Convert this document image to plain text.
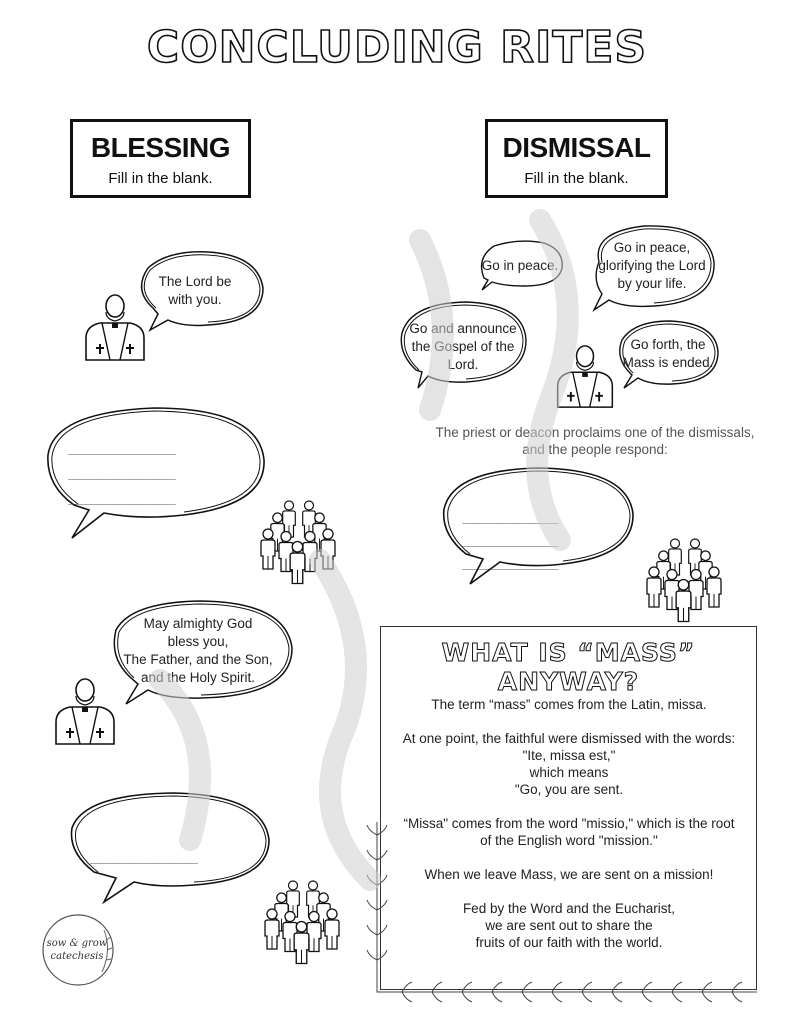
CONCLUDING RITES
BLESSING
Fill in the blank.
DISMISSAL
Fill in the blank.
The Lord be
with you.
___________________
___________________
___________________
May almighty God
bless you,
The Father, and the Son,
and the Holy Spirit.
___________________
sow & grow
catechesis
Go in peace.
Go in peace,
glorifying the Lord
by your life.
Go and announce
the Gospel of the
Lord.
Go forth, the
Mass is ended.
The priest or deacon proclaims one of the dismissals,
and the people respond:
_________________
_________________
_________________
WHAT IS “MASS” ANYWAY?

The term “mass” comes from the Latin, missa.

At one point, the faithful were dismissed with the words:
"Ite, missa est,"
which means
"Go, you are sent.

“Missa" comes from the word "missio," which is the root
of the English word "mission."

When we leave Mass, we are sent on a mission!

Fed by the Word and the Eucharist,
we are sent out to share the
fruits of our faith with the world.
